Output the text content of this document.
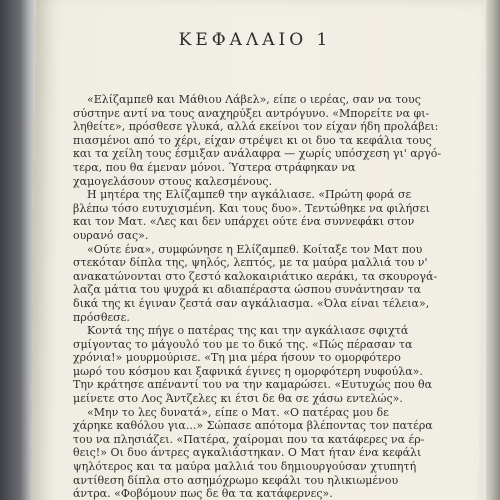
ΚΕΦΑΛΑΙΟ 1

«Ελίζαμπεθ και Μάθιου Λάβελ», είπε ο ιερέας, σαν να τους
σύστηνε αντί να τους αναχηρύξει αντρόγυνο. «Μπορείτε να φι-
ληθείτε», πρόσθεσε γλυκά, αλλά εκείνοι τον είχαν ήδη προλάβει:
πιασμένοι από το χέρι, είχαν στρέψει κι οι δυο τα κεφάλια τους
και τα χείλη τους έσμιξαν ανάλαφρα — χωρίς υπόσχεση γι' αργό-
τερα, που θα έμεναν μόνοι. Ύστερα στράφηκαν να
χαμογελάσουν στους καλεσμένους.

Η μητέρα της Ελίζαμπεθ την αγκάλιασε. «Πρώτη φορά σε
βλέπω τόσο ευτυχισμένη. Και τους δυο». Τεντώθηκε να φιλήσει
και τον Ματ. «Λες και δεν υπάρχει ούτε ένα συννεφάκι στον
ουρανό σας».

«Ούτε ένα», συμφώνησε η Ελίζαμπεθ. Κοίταξε τον Ματ που
στεκόταν δίπλα της, ψηλός, λεπτός, με τα μαύρα μαλλιά του ν'
ανακατώνονται στο ζεστό καλοκαιριάτικο αεράκι, τα σκουρογά-
λαζα μάτια του ψυχρά κι αδιαπέραστα ώσπου συνάντησαν τα
δικά της κι έγιναν ζεστά σαν αγκάλιασμα. «Όλα είναι τέλεια»,
πρόσθεσε.

Κοντά της πήγε ο πατέρας της και την αγκάλιασε σφιχτά
σμίγοντας το μάγουλό του με το δικό της. «Πώς πέρασαν τα
χρόνια!» μουρμούρισε. «Τη μια μέρα ήσουν το ομορφότερο
μωρό του κόσμου και ξαφνικά έγινες η ομορφότερη νυφούλα».
Την κράτησε απέναντί του να την καμαρώσει. «Ευτυχώς που θα
μείνετε στο Λος Άντζελες κι έτσι δε θα σε χάσω εντελώς».

«Μην το λες δυνατά», είπε ο Ματ. «Ο πατέρας μου δε
χάρηκε καθόλου για...» Σώπασε απότομα βλέποντας τον πατέρα
του να πλησιάζει. «Πατέρα, χαίρομαι που τα κατάφερες να έρ-
θεις!» Οι δυο άντρες αγκαλιάστηκαν. Ο Ματ ήταν ένα κεφάλι
ψηλότερος και τα μαύρα μαλλιά του δημιουργούσαν χτυπητή
αντίθεση δίπλα στο ασημόχρωμο κεφάλι του ηλικιωμένου
άντρα. «Φοβόμουν πως δε θα τα κατάφερνες».
